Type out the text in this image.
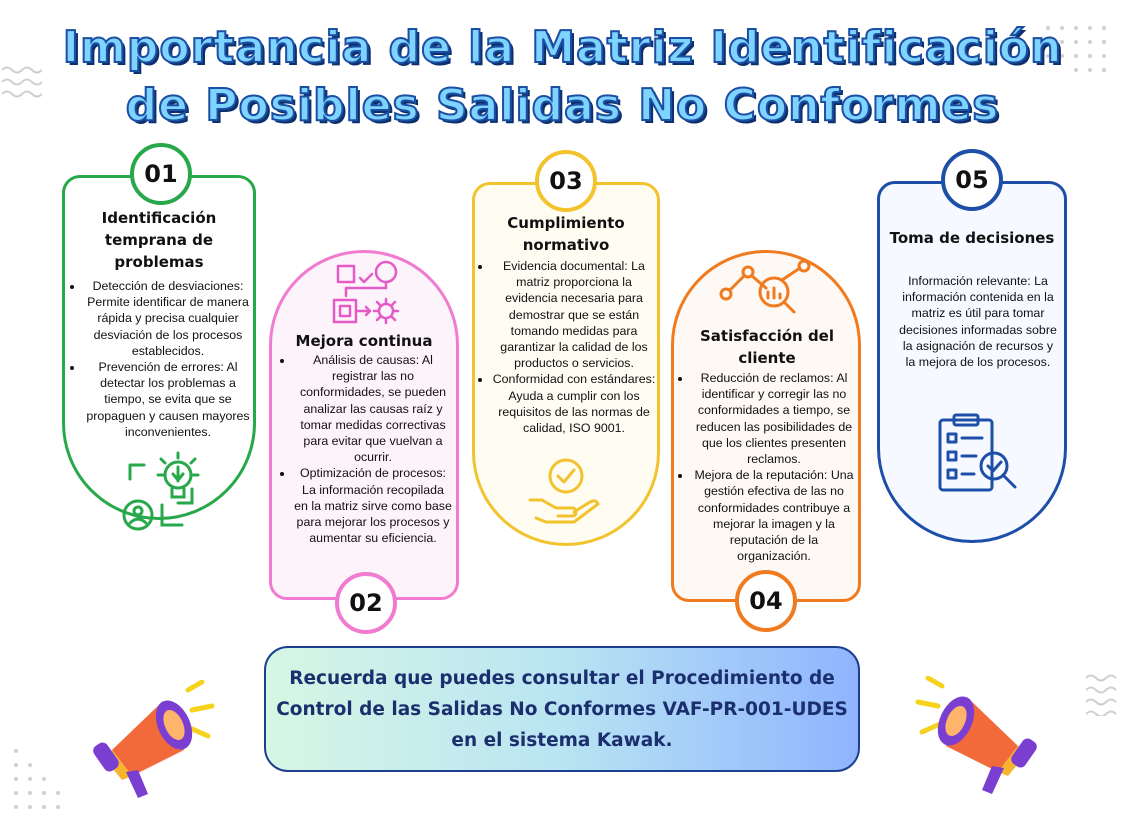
Importancia de la Matriz Identificación
de Posibles Salidas No Conformes
01
Identificación temprana de problemas
• Detección de desviaciones: Permite identificar de manera rápida y precisa cualquier desviación de los procesos establecidos.
• Prevención de errores: Al detectar los problemas a tiempo, se evita que se propaguen y causen mayores inconvenientes.
02
Mejora continua
• Análisis de causas: Al registrar las no conformidades, se pueden analizar las causas raíz y tomar medidas correctivas para evitar que vuelvan a ocurrir.
• Optimización de procesos: La información recopilada en la matriz sirve como base para mejorar los procesos y aumentar su eficiencia.
03
Cumplimiento normativo
• Evidencia documental: La matriz proporciona la evidencia necesaria para demostrar que se están tomando medidas para garantizar la calidad de los productos o servicios.
• Conformidad con estándares: Ayuda a cumplir con los requisitos de las normas de calidad, ISO 9001.
04
Satisfacción del cliente
• Reducción de reclamos: Al identificar y corregir las no conformidades a tiempo, se reducen las posibilidades de que los clientes presenten reclamos.
• Mejora de la reputación: Una gestión efectiva de las no conformidades contribuye a mejorar la imagen y la reputación de la organización.
05
Toma de decisiones
Información relevante: La información contenida en la matriz es útil para tomar decisiones informadas sobre la asignación de recursos y la mejora de los procesos.
Recuerda que puedes consultar el Procedimiento de Control de las Salidas No Conformes VAF-PR-001-UDES en el sistema Kawak.
